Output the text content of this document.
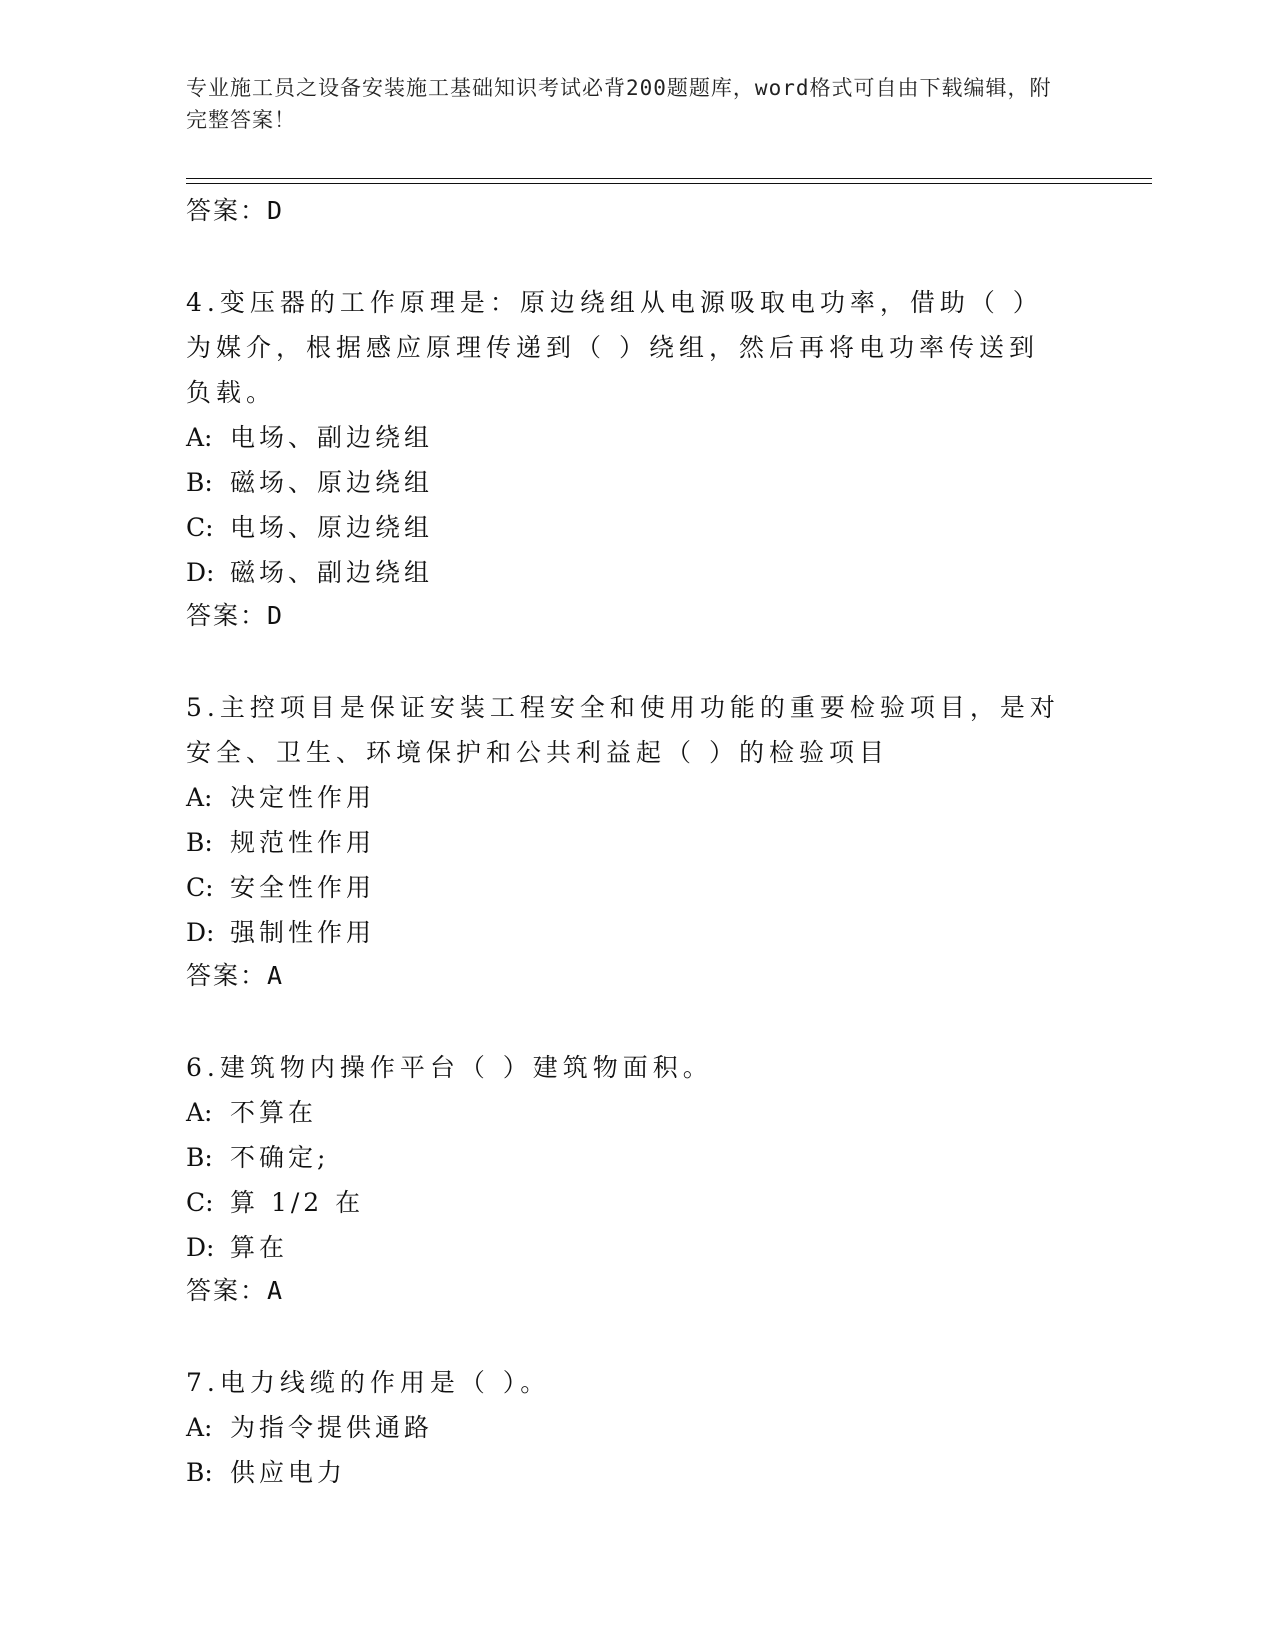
专业施工员之设备安装施工基础知识考试必背200题题库，word格式可自由下载编辑，附完整答案！

答案：D

4.变压器的工作原理是：原边绕组从电源吸取电功率，借助（ ）为媒介，根据感应原理传递到（ ）绕组，然后再将电功率传送到负载。

A: 电场、副边绕组

B: 磁场、原边绕组

C: 电场、原边绕组

D: 磁场、副边绕组

答案：D

5.主控项目是保证安装工程安全和使用功能的重要检验项目，是对安全、卫生、环境保护和公共利益起（ ）的检验项目

A: 决定性作用

B: 规范性作用

C: 安全性作用

D: 强制性作用

答案：A

6.建筑物内操作平台（ ）建筑物面积。

A: 不算在

B: 不确定;

C: 算 1/2 在

D: 算在

答案：A

7.电力线缆的作用是（ ）。

A: 为指令提供通路

B: 供应电力
